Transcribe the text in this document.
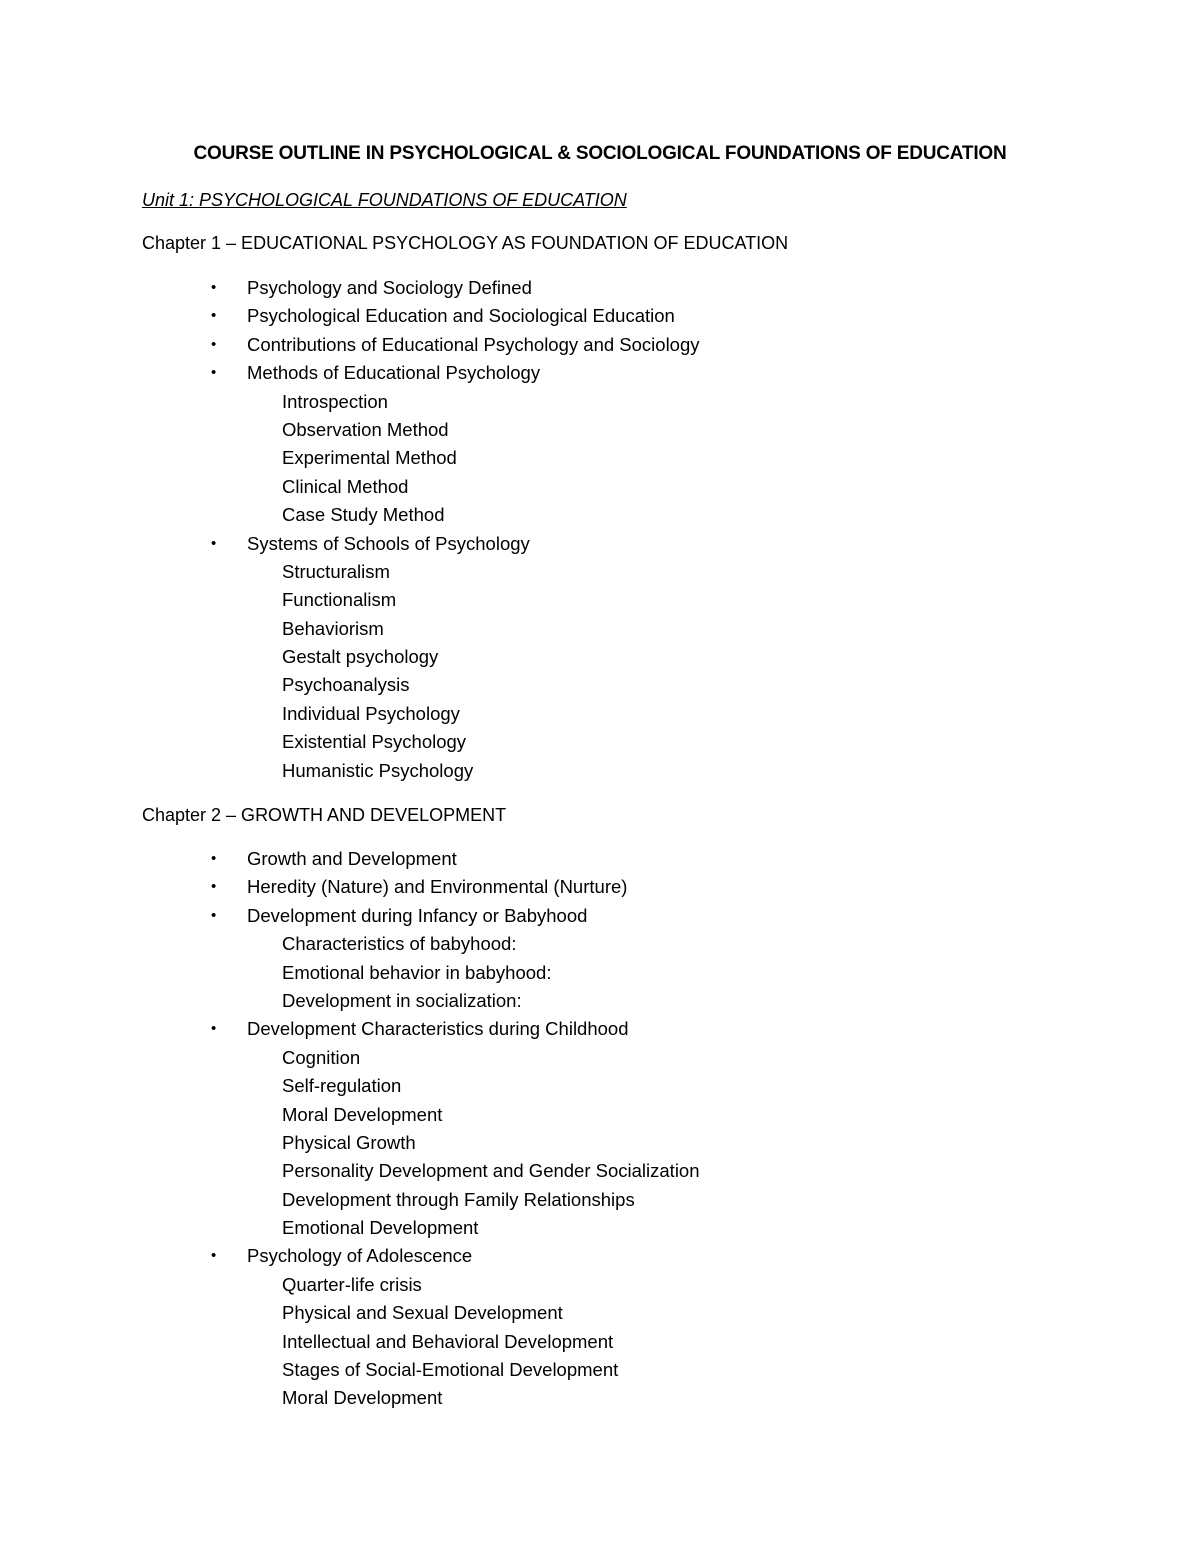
COURSE OUTLINE IN PSYCHOLOGICAL & SOCIOLOGICAL FOUNDATIONS OF EDUCATION

Unit 1: PSYCHOLOGICAL FOUNDATIONS OF EDUCATION

Chapter 1 – EDUCATIONAL PSYCHOLOGY AS FOUNDATION OF EDUCATION

• Psychology and Sociology Defined
• Psychological Education and Sociological Education
• Contributions of Educational Psychology and Sociology
• Methods of Educational Psychology
Introspection
Observation Method
Experimental Method
Clinical Method
Case Study Method
• Systems of Schools of Psychology
Structuralism
Functionalism
Behaviorism
Gestalt psychology
Psychoanalysis
Individual Psychology
Existential Psychology
Humanistic Psychology

Chapter 2 – GROWTH AND DEVELOPMENT

• Growth and Development
• Heredity (Nature) and Environmental (Nurture)
• Development during Infancy or Babyhood
Characteristics of babyhood:
Emotional behavior in babyhood:
Development in socialization:
• Development Characteristics during Childhood
Cognition
Self-regulation
Moral Development
Physical Growth
Personality Development and Gender Socialization
Development through Family Relationships
Emotional Development
• Psychology of Adolescence
Quarter-life crisis
Physical and Sexual Development
Intellectual and Behavioral Development
Stages of Social-Emotional Development
Moral Development
